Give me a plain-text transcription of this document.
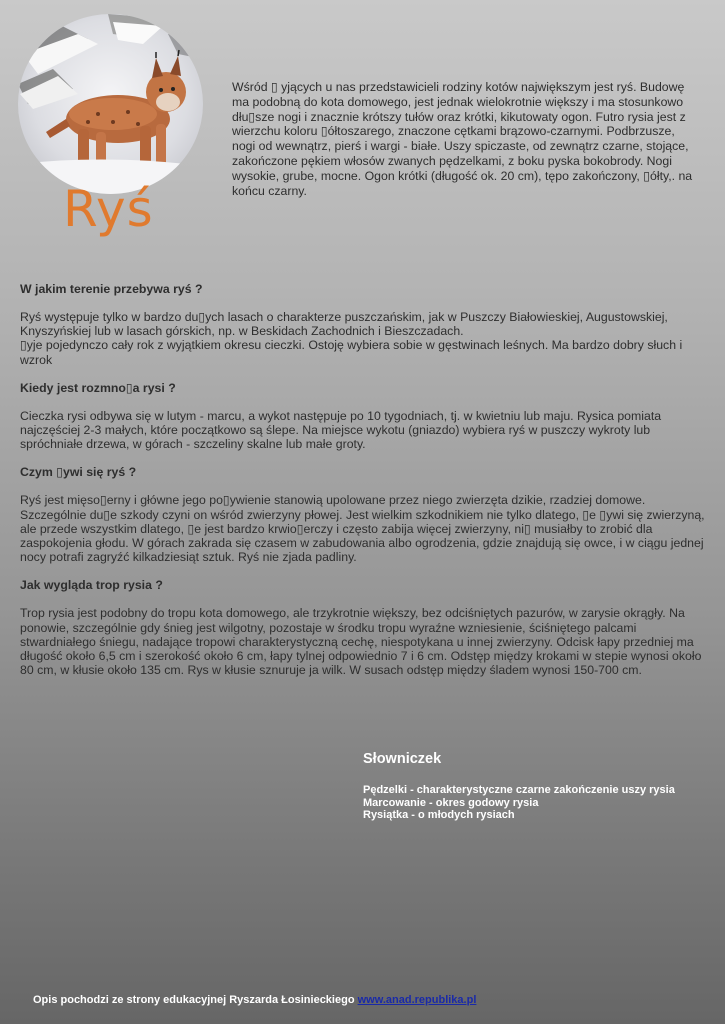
Ryś

Wśród ▯ yjących u nas przedstawicieli rodziny kotów największym jest ryś. Budowę ma podobną do kota domowego, jest jednak wielokrotnie większy i ma stosunkowo dłu▯sze nogi i znacznie krótszy tułów oraz krótki, kikutowaty ogon. Futro rysia jest z wierzchu koloru ▯ółtoszarego, znaczone cętkami brązowo-czarnymi. Podbrzusze, nogi od wewnątrz, pierś i wargi - białe. Uszy spiczaste, od zewnątrz czarne, stojące, zakończone pękiem włosów zwanych pędzelkami, z boku pyska bokobrody. Nogi wysokie, grube, mocne. Ogon krótki (długość ok. 20 cm), tępo zakończony, ▯ółty,. na końcu czarny.

W jakim terenie przebywa ryś ?

Ryś występuje tylko w bardzo du▯ych lasach o charakterze puszczańskim, jak w Puszczy Białowieskiej, Augustowskiej, Knyszyńskiej lub w lasach górskich, np. w Beskidach Zachodnich i Bieszczadach.
▯yje pojedynczo cały rok z wyjątkiem okresu cieczki. Ostoję wybiera sobie w gęstwinach leśnych. Ma bardzo dobry słuch i wzrok

Kiedy jest rozmno▯a rysi ?

Cieczka rysi odbywa się w lutym - marcu, a wykot następuje po 10 tygodniach, tj. w kwietniu lub maju. Rysica pomiata najczęściej 2-3 małych, które początkowo są ślepe. Na miejsce wykotu (gniazdo) wybiera ryś w puszczy wykroty lub spróchniałe drzewa, w górach - szczeliny skalne lub małe groty.

Czym ▯ywi się ryś ?

Ryś jest mięso▯erny i główne jego po▯ywienie stanowią upolowane przez niego zwierzęta dzikie, rzadziej domowe. Szczególnie du▯e szkody czyni on wśród zwierzyny płowej. Jest wielkim szkodnikiem nie tylko dlatego, ▯e ▯ywi się zwierzyną, ale przede wszystkim dlatego, ▯e jest bardzo krwio▯erczy i często zabija więcej zwierzyny, ni▯ musiałby to zrobić dla zaspokojenia głodu. W górach zakrada się czasem w zabudowania albo ogrodzenia, gdzie znajdują się owce, i w ciągu jednej nocy potrafi zagryźć kilkadziesiąt sztuk. Ryś nie zjada padliny.

Jak wygląda trop rysia ?

Trop rysia jest podobny do tropu kota domowego, ale trzykrotnie większy, bez odciśniętych pazurów, w zarysie okrągły. Na ponowie, szczególnie gdy śnieg jest wilgotny, pozostaje w środku tropu wyraźne wzniesienie, ściśniętego palcami stwardniałego śniegu, nadające tropowi charakterystyczną cechę, niespotykana u innej zwierzyny. Odcisk łapy przedniej ma długość około 6,5 cm i szerokość około 6 cm, łapy tylnej odpowiednio 7 i 6 cm. Odstęp między krokami w stepie wynosi około 80 cm, w kłusie około 135 cm. Rys w kłusie sznuruje ja wilk. W susach odstęp między śladem wynosi 150-700 cm.

Słowniczek
Pędzelki - charakterystyczne czarne zakończenie uszy rysia
Marcowanie - okres godowy rysia
Rysiątka - o młodych rysiach
Opis pochodzi ze strony edukacyjnej Ryszarda Łosinieckiego www.anad.republika.pl
